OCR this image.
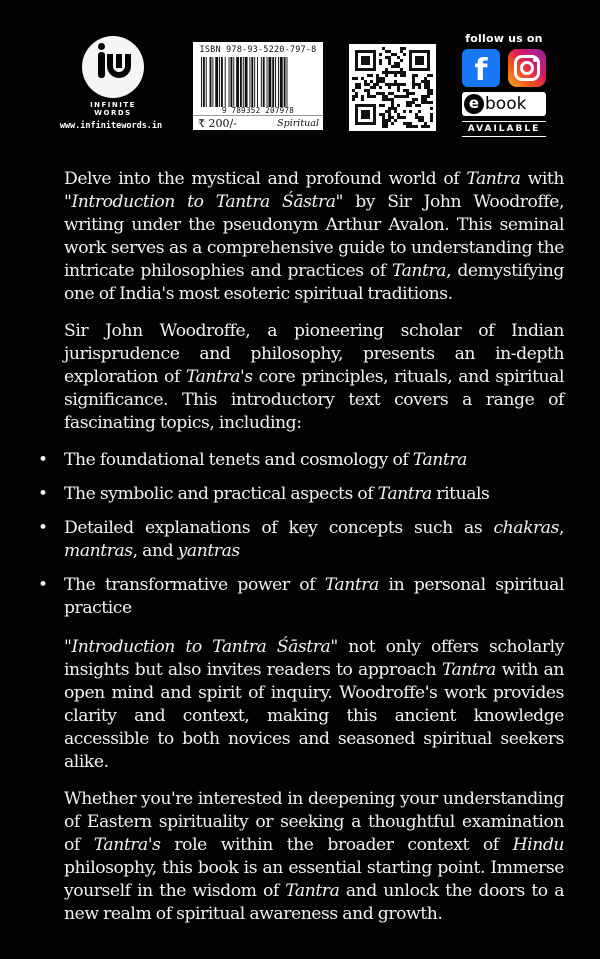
INFINITE
WORDS
www.infinitewords.in
ISBN 978-93-5220-797-8
9 789352 207978
₹ 200/-	Spiritual
follow us on
f
e book
AVAILABLE

Delve into the mystical and profound world of Tantra with "Introduction to Tantra Śāstra" by Sir John Woodroffe, writing under the pseudonym Arthur Avalon. This seminal work serves as a comprehensive guide to understanding the intricate philosophies and practices of Tantra, demystifying one of India's most esoteric spiritual traditions.

Sir John Woodroffe, a pioneering scholar of Indian jurisprudence and philosophy, presents an in-depth exploration of Tantra's core principles, rituals, and spiritual significance. This introductory text covers a range of fascinating topics, including:

• The foundational tenets and cosmology of Tantra
• The symbolic and practical aspects of Tantra rituals
• Detailed explanations of key concepts such as chakras, mantras, and yantras
• The transformative power of Tantra in personal spiritual practice

"Introduction to Tantra Śāstra" not only offers scholarly insights but also invites readers to approach Tantra with an open mind and spirit of inquiry. Woodroffe's work provides clarity and context, making this ancient knowledge accessible to both novices and seasoned spiritual seekers alike.

Whether you're interested in deepening your understanding of Eastern spirituality or seeking a thoughtful examination of Tantra's role within the broader context of Hindu philosophy, this book is an essential starting point. Immerse yourself in the wisdom of Tantra and unlock the doors to a new realm of spiritual awareness and growth.
